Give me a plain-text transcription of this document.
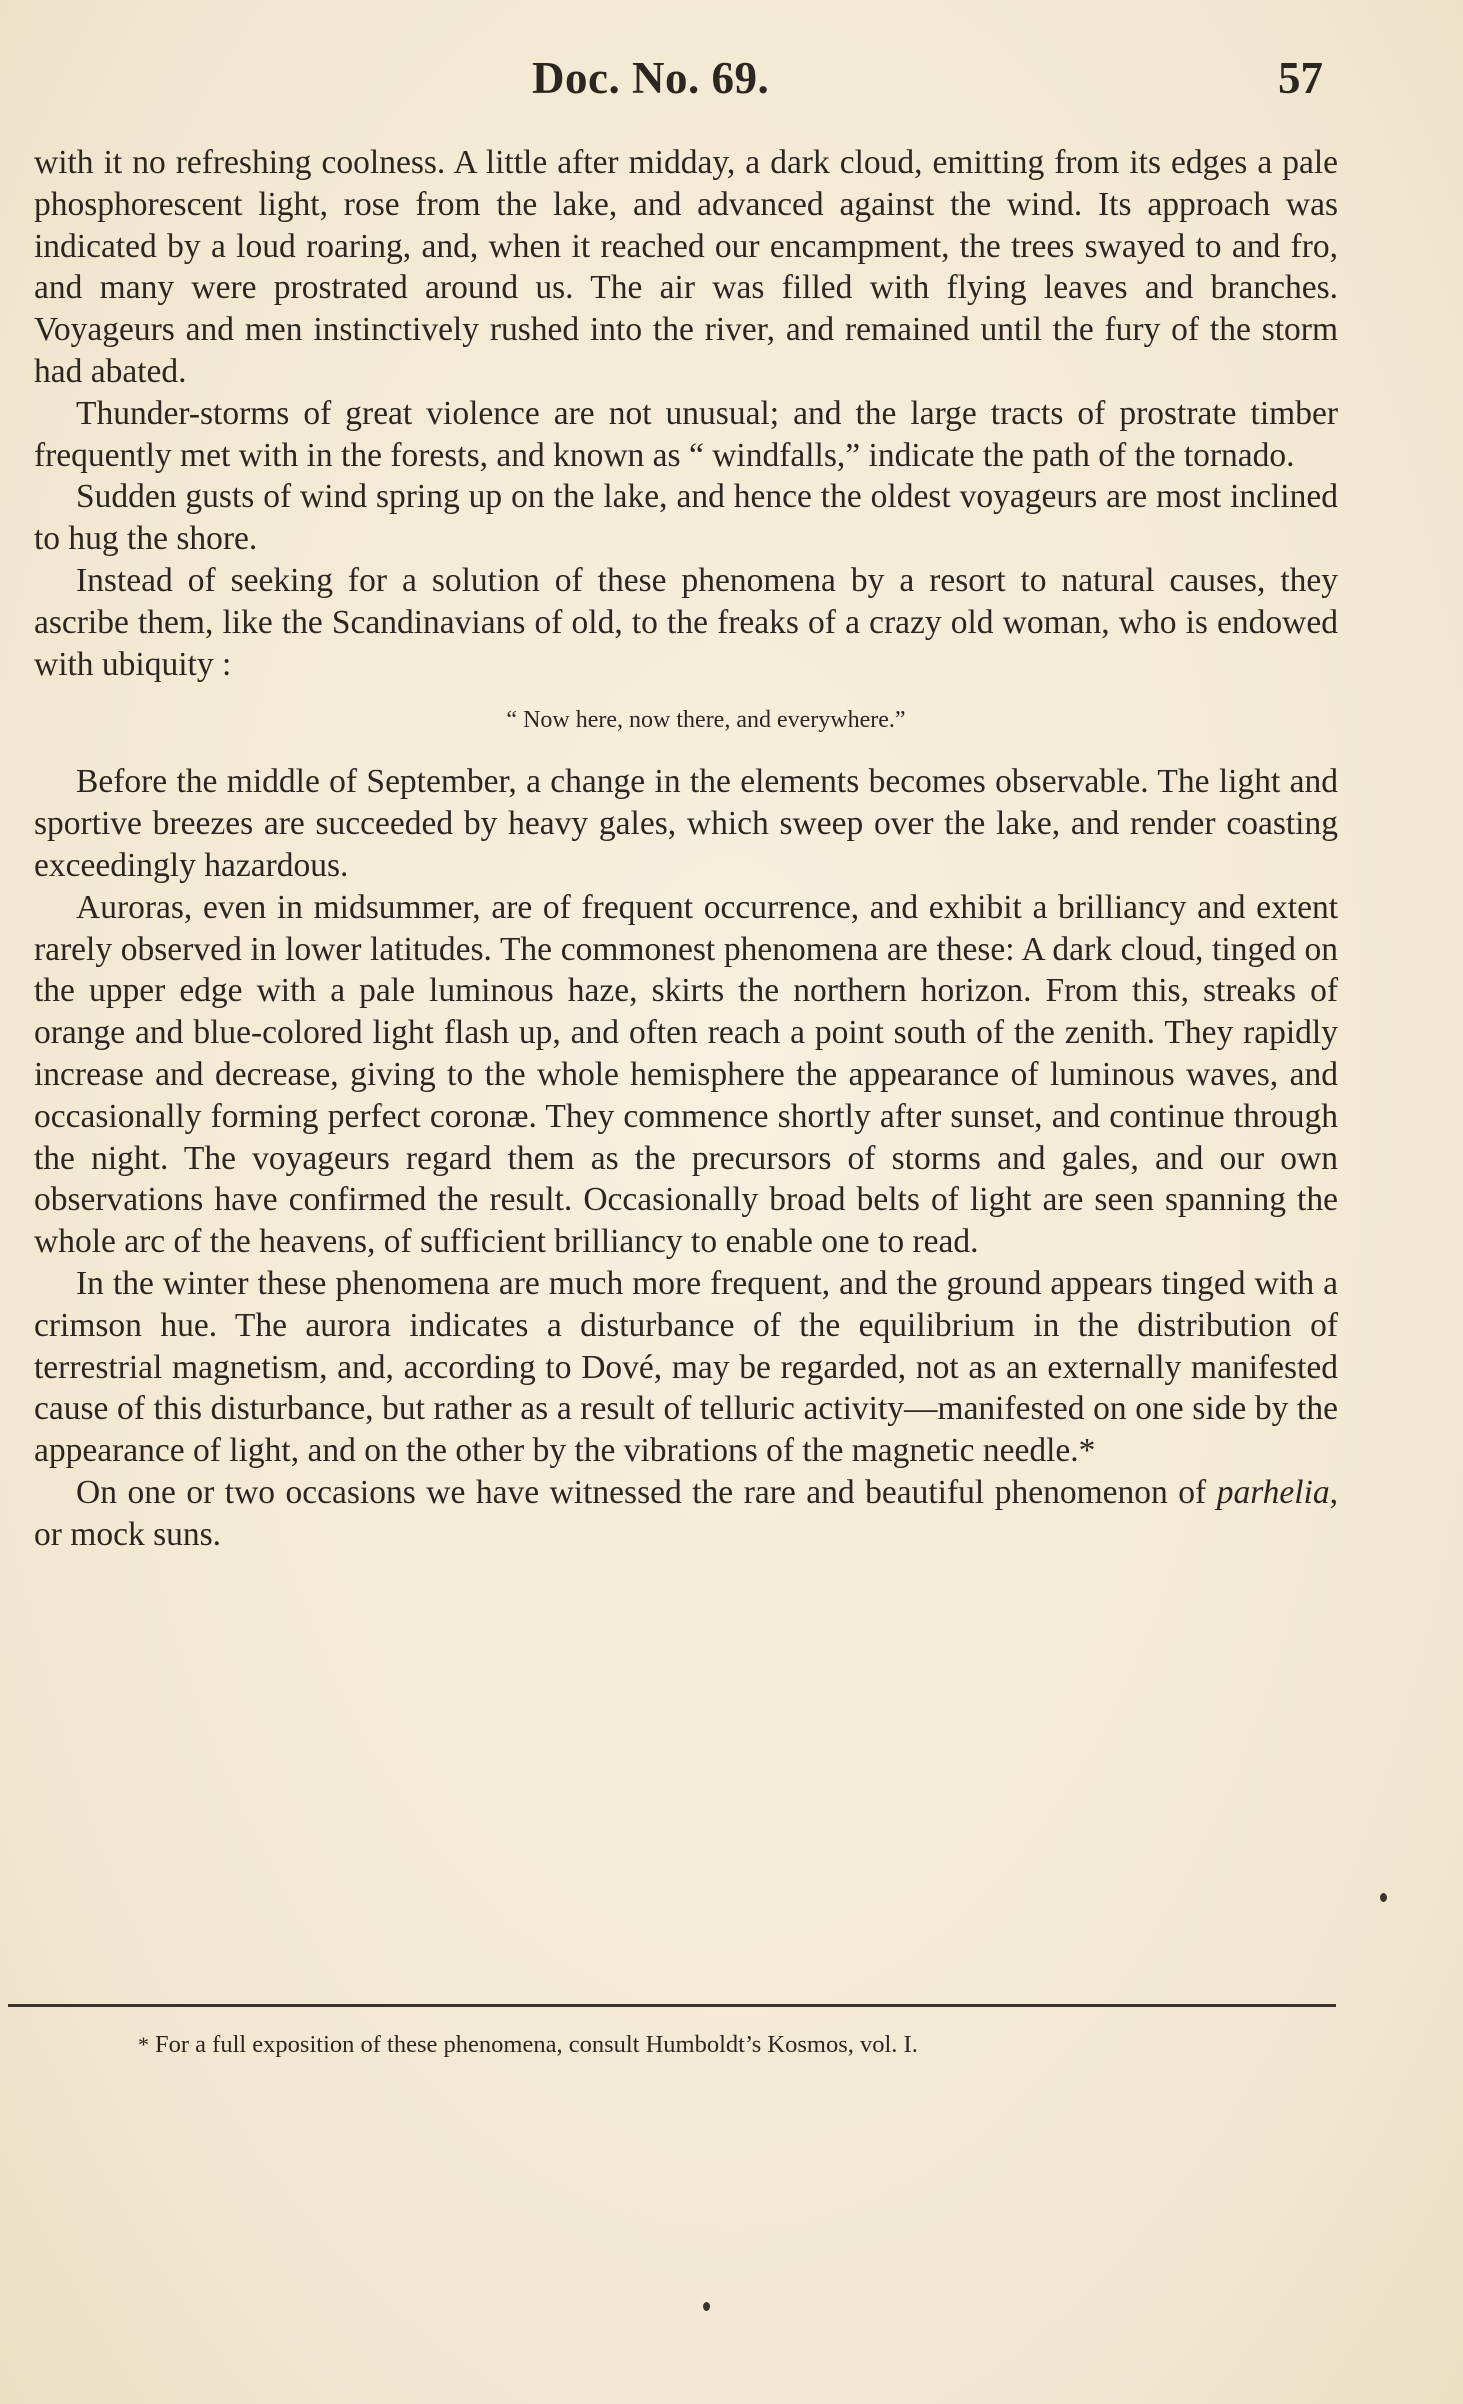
Doc. No. 69.	57

with it no refreshing coolness. A little after midday, a dark cloud, emitting from its edges a pale phosphorescent light, rose from the lake, and advanced against the wind. Its approach was indicated by a loud roaring, and, when it reached our encampment, the trees swayed to and fro, and many were prostrated around us. The air was filled with flying leaves and branches. Voyageurs and men instinctively rushed into the river, and remained until the fury of the storm had abated.

Thunder-storms of great violence are not unusual; and the large tracts of prostrate timber frequently met with in the forests, and known as “ windfalls,” indicate the path of the tornado.

Sudden gusts of wind spring up on the lake, and hence the oldest voyageurs are most inclined to hug the shore.

Instead of seeking for a solution of these phenomena by a resort to natural causes, they ascribe them, like the Scandinavians of old, to the freaks of a crazy old woman, who is endowed with ubiquity :

“ Now here, now there, and everywhere.”

Before the middle of September, a change in the elements becomes observable. The light and sportive breezes are succeeded by heavy gales, which sweep over the lake, and render coasting exceedingly hazardous.

Auroras, even in midsummer, are of frequent occurrence, and exhibit a brilliancy and extent rarely observed in lower latitudes. The commonest phenomena are these: A dark cloud, tinged on the upper edge with a pale luminous haze, skirts the northern horizon. From this, streaks of orange and blue-colored light flash up, and often reach a point south of the zenith. They rapidly increase and decrease, giving to the whole hemisphere the appearance of luminous waves, and occasionally forming perfect coronæ. They commence shortly after sunset, and continue through the night. The voyageurs regard them as the precursors of storms and gales, and our own observations have confirmed the result. Occasionally broad belts of light are seen spanning the whole arc of the heavens, of sufficient brilliancy to enable one to read.

In the winter these phenomena are much more frequent, and the ground appears tinged with a crimson hue. The aurora indicates a disturbance of the equilibrium in the distribution of terrestrial magnetism, and, according to Dové, may be regarded, not as an externally manifested cause of this disturbance, but rather as a result of telluric activity—manifested on one side by the appearance of light, and on the other by the vibrations of the magnetic needle.*

On one or two occasions we have witnessed the rare and beautiful phenomenon of parhelia, or mock suns.

* For a full exposition of these phenomena, consult Humboldt’s Kosmos, vol. I.
